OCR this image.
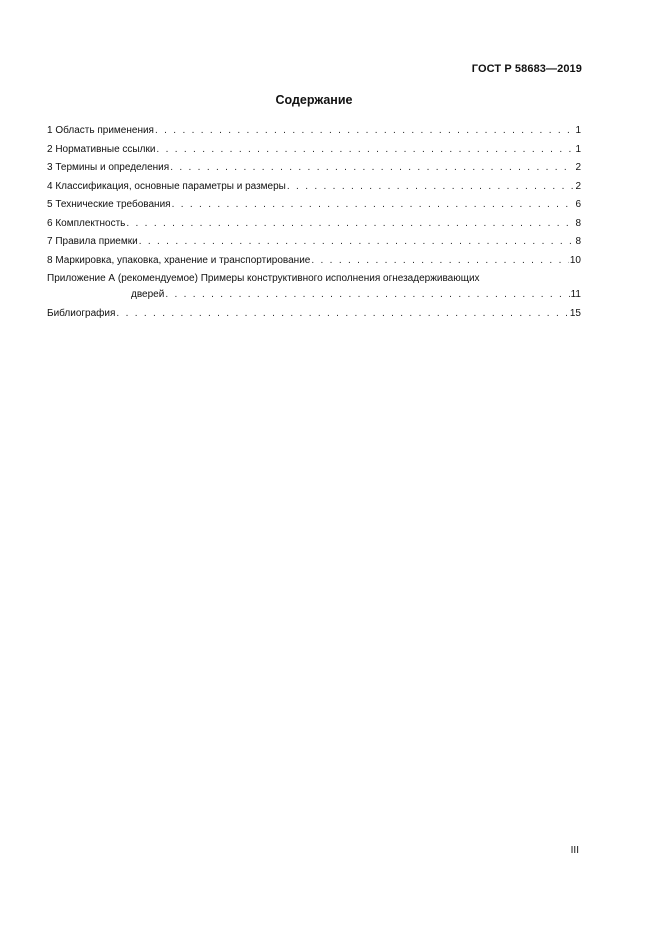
ГОСТ Р 58683—2019
Содержание
1 Область применения . . .	1
2 Нормативные ссылки . . .	1
3 Термины и определения . . .	2
4 Классификация, основные параметры и размеры . . .	2
5 Технические требования . . .	6
6 Комплектность . . .	8
7 Правила приемки . . .	8
8 Маркировка, упаковка, хранение и транспортирование . . .	10
Приложение А (рекомендуемое) Примеры конструктивного исполнения огнезадерживающих
дверей . . .	11
Библиография . . .	15
III
